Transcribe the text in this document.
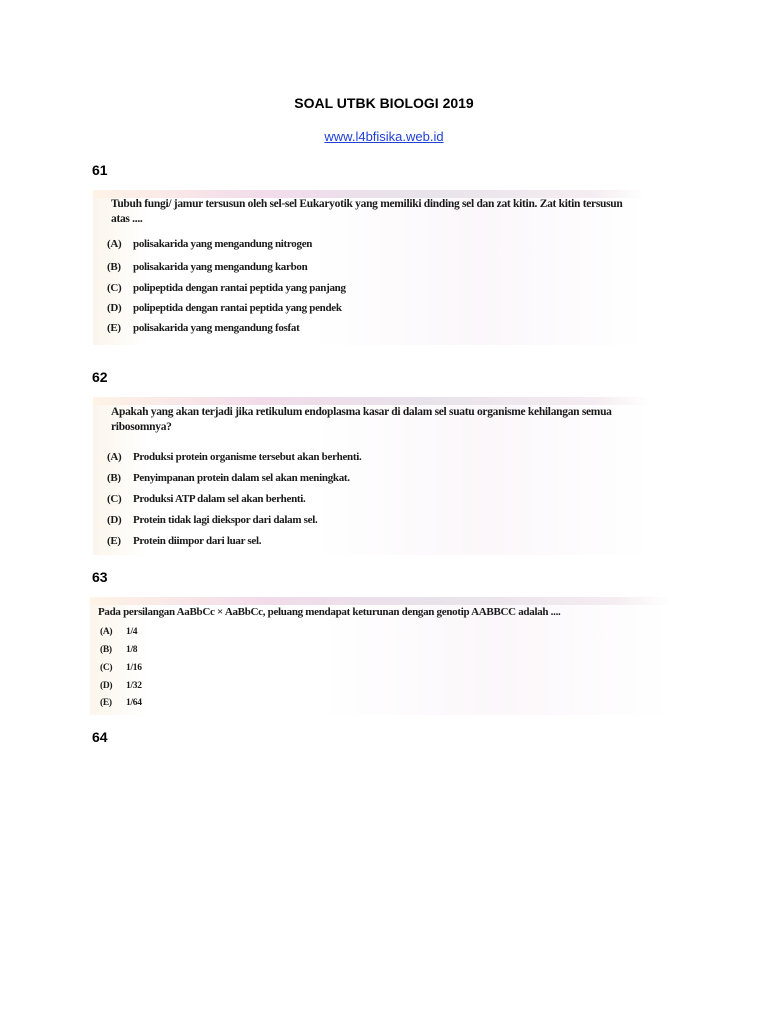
SOAL UTBK BIOLOGI 2019
www.l4bfisika.web.id
61
Tubuh fungi/ jamur tersusun oleh sel-sel Eukaryotik yang memiliki dinding sel dan zat kitin. Zat kitin tersusun atas ....
(A) polisakarida yang mengandung nitrogen
(B) polisakarida yang mengandung karbon
(C) polipeptida dengan rantai peptida yang panjang
(D) polipeptida dengan rantai peptida yang pendek
(E) polisakarida yang mengandung fosfat
62
Apakah yang akan terjadi jika retikulum endoplasma kasar di dalam sel suatu organisme kehilangan semua ribosomnya?
(A) Produksi protein organisme tersebut akan berhenti.
(B) Penyimpanan protein dalam sel akan meningkat.
(C) Produksi ATP dalam sel akan berhenti.
(D) Protein tidak lagi diekspor dari dalam sel.
(E) Protein diimpor dari luar sel.
63
Pada persilangan AaBbCc × AaBbCc, peluang mendapat keturunan dengan genotip AABBCC adalah ....
(A) 1/4
(B) 1/8
(C) 1/16
(D) 1/32
(E) 1/64
64
